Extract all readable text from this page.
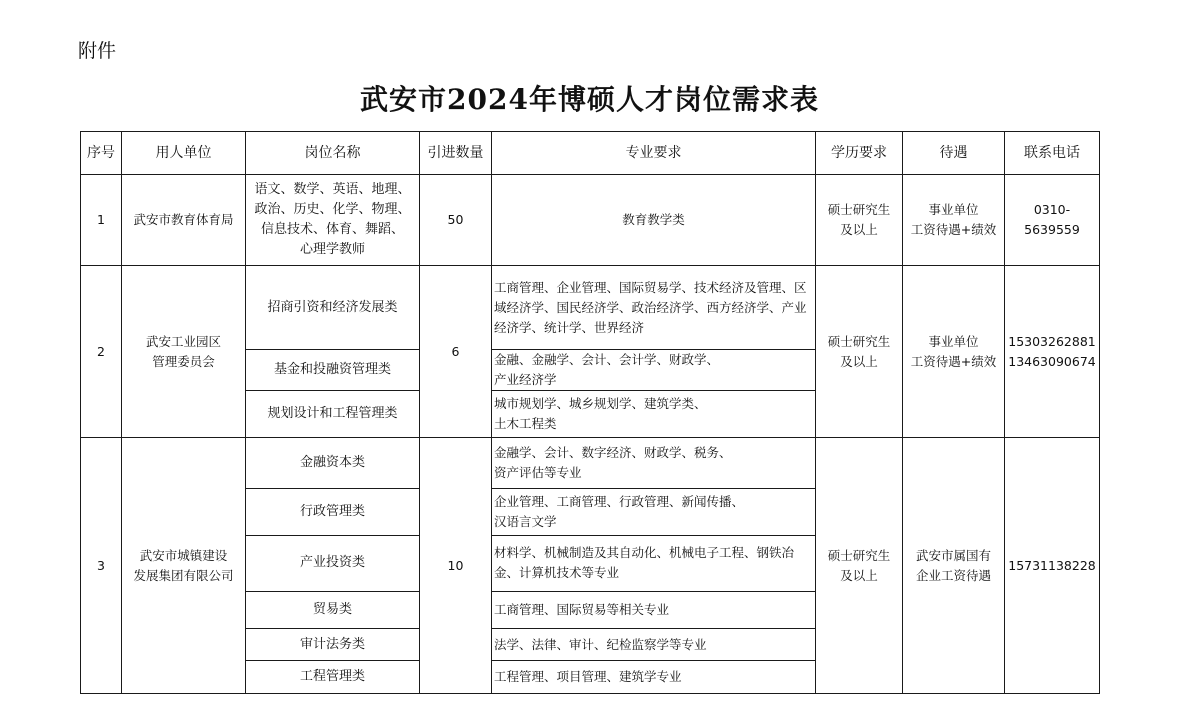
附件
武安市2024年博硕人才岗位需求表
序号	用人单位	岗位名称	引进数量	专业要求	学历要求	待遇	联系电话
1	武安市教育体育局	语文、数学、英语、地理、
政治、历史、化学、物理、
信息技术、体育、舞蹈、
心理学教师	50	教育教学类	硕士研究生
及以上	事业单位
工资待遇+绩效	0310-5639559
2	武安工业园区
管理委员会	招商引资和经济发展类	6	工商管理、企业管理、国际贸易学、技术经济及管理、区域经济学、国民经济学、政治经济学、西方经济学、产业经济学、统计学、世界经济	硕士研究生
及以上	事业单位
工资待遇+绩效	15303262881
13463090674
		基金和投融资管理类		金融、金融学、会计、会计学、财政学、
产业经济学			
		规划设计和工程管理类		城市规划学、城乡规划学、建筑学类、
土木工程类			
3	武安市城镇建设
发展集团有限公司	金融资本类	10	金融学、会计、数字经济、财政学、税务、
资产评估等专业	硕士研究生
及以上	武安市属国有
企业工资待遇	15731138228
		行政管理类		企业管理、工商管理、行政管理、新闻传播、
汉语言文学			
		产业投资类		材料学、机械制造及其自动化、机械电子工程、钢铁冶金、计算机技术等专业			
		贸易类		工商管理、国际贸易等相关专业			
		审计法务类		法学、法律、审计、纪检监察学等专业			
		工程管理类		工程管理、项目管理、建筑学专业			
